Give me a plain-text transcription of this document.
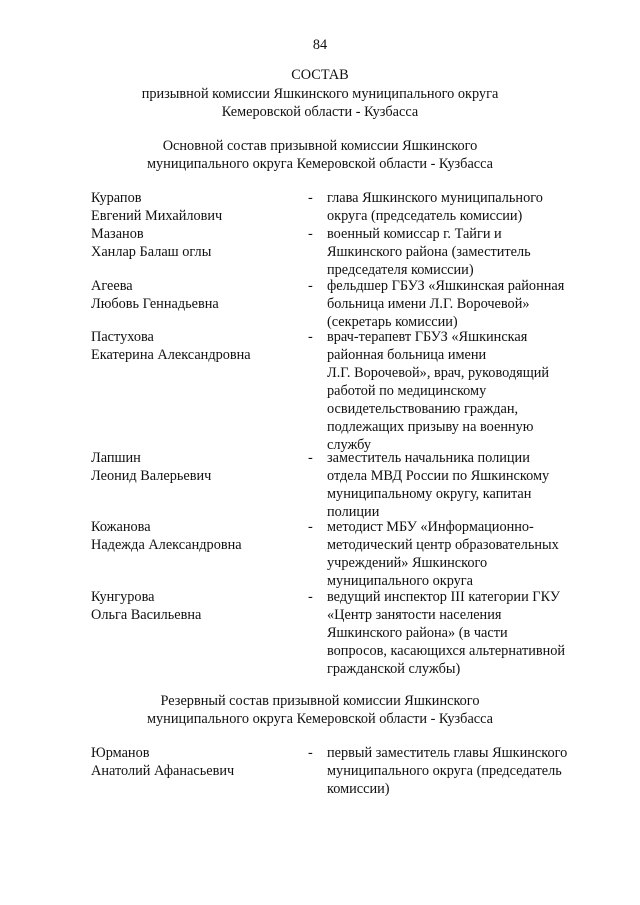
84
СОСТАВ
призывной комиссии Яшкинского муниципального округа
Кемеровской области - Кузбасса
Основной состав призывной комиссии Яшкинского
муниципального округа Кемеровской области - Кузбасса
Курапов
Евгений Михайлович
- глава Яшкинского муниципального
округа (председатель комиссии)
Мазанов
Ханлар Балаш оглы
- военный комиссар г. Тайги и
Яшкинского района (заместитель
председателя комиссии)
Агеева
Любовь Геннадьевна
- фельдшер ГБУЗ «Яшкинская районная
больница имени Л.Г. Ворочевой»
(секретарь комиссии)
Пастухова
Екатерина Александровна
- врач-терапевт ГБУЗ «Яшкинская
районная больница имени
Л.Г. Ворочевой», врач, руководящий
работой по медицинскому
освидетельствованию граждан,
подлежащих призыву на военную
службу
Лапшин
Леонид Валерьевич
- заместитель начальника полиции
отдела МВД России по Яшкинскому
муниципальному округу, капитан
полиции
Кожанова
Надежда Александровна
- методист МБУ «Информационно-
методический центр образовательных
учреждений» Яшкинского
муниципального округа
Кунгурова
Ольга Васильевна
- ведущий инспектор III категории ГКУ
«Центр занятости населения
Яшкинского района» (в части
вопросов, касающихся альтернативной
гражданской службы)
Резервный состав призывной комиссии Яшкинского
муниципального округа Кемеровской области - Кузбасса
Юрманов
Анатолий Афанасьевич
- первый заместитель главы Яшкинского
муниципального округа (председатель
комиссии)
